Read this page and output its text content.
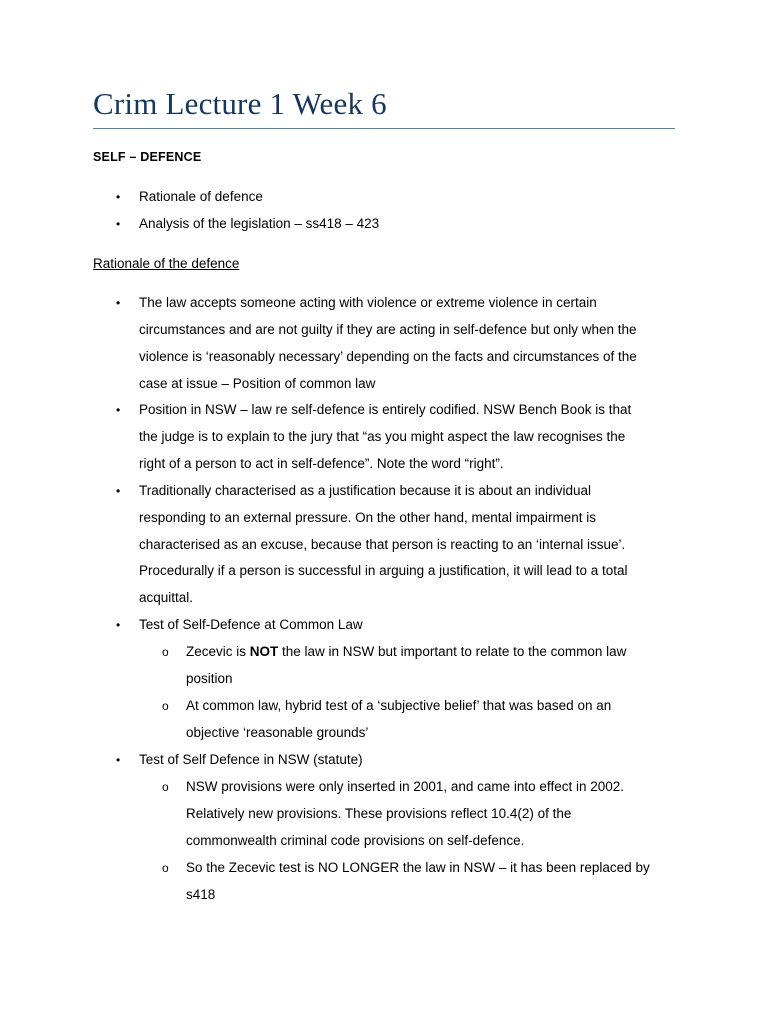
Crim Lecture 1 Week 6
SELF – DEFENCE
• Rationale of defence
• Analysis of the legislation – ss418 – 423
Rationale of the defence
• The law accepts someone acting with violence or extreme violence in certain
circumstances and are not guilty if they are acting in self-defence but only when the
violence is ‘reasonably necessary’ depending on the facts and circumstances of the
case at issue – Position of common law
• Position in NSW – law re self-defence is entirely codified. NSW Bench Book is that
the judge is to explain to the jury that “as you might aspect the law recognises the
right of a person to act in self-defence”. Note the word “right”.
• Traditionally characterised as a justification because it is about an individual
responding to an external pressure. On the other hand, mental impairment is
characterised as an excuse, because that person is reacting to an ‘internal issue’.
Procedurally if a person is successful in arguing a justification, it will lead to a total
acquittal.
• Test of Self-Defence at Common Law
o Zecevic is NOT the law in NSW but important to relate to the common law
position
o At common law, hybrid test of a ‘subjective belief’ that was based on an
objective ‘reasonable grounds’
• Test of Self Defence in NSW (statute)
o NSW provisions were only inserted in 2001, and came into effect in 2002.
Relatively new provisions. These provisions reflect 10.4(2) of the
commonwealth criminal code provisions on self-defence.
o So the Zecevic test is NO LONGER the law in NSW – it has been replaced by
s418
